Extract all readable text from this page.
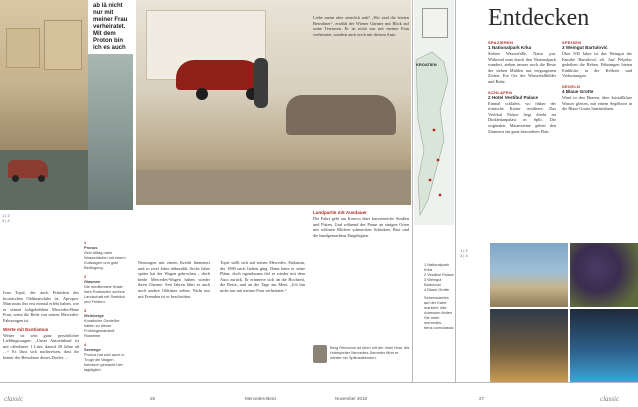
ab lä nicht nur mit meiner Frau verheiratet. Mit dem Proton bin ich es auch
1 | 2
3 | 4

Ivan Topić, der auch Präsident des kroatischen Oldtimerclubs ist. Apropos: Man muss ihn erst einmal erlebt haben, wie er seinen luftgekühlten Mercedes-Benz Frau, wenn die Rede von seinen Mercedes-Fahrzeugen ist.

Werte mit Exotismus

Weiter ist sein ganz persönlicher Lieblingswagen: „Unser Autoeinkauf ist mit offenbarer 1 Liter, darauf 20 Jahre alt …“ Es lässt sich nachweisen, dass ihr keiner der Bewohner dieses Dorfes …

1
Prunus
Sein Alltag nahe Wasserläufen mit einem Kultwagen und gute Bedingung.
2
Glasmen
Die mediterrane Küste hebt Postkarten schöne Landschaft mit Seeblick und Feldern.
3
Weinberge
Kroatische Genießer halten zu dieser Frühlingsmahlzeit Rotweine.
4
Seewege
Prunus hat sich auch in Trogir die Wagen heimisch gemacht hier tagtäglich.
Neuwagen mit einem Kredit finanziert und so zwei Jahre abbezahlt. Sechs Jahre später hat der Wagen gebrochen – doch beide Mercedes-Wagen haben wieder ihren Charme. Seit Jahren fährt er auch noch andere Oldtimer selten. Nicht nur mit Fremden ist er bescheiden.
Topić stellt sich auf seinen Mercedes. Einbaum, der 1980 nach Italien ging. Dann hatte er seine Pläne, doch irgendwann fiel er wieder mit dem Auto zurück. Er erinnerte sich an die Hochzeit, die Reise, und an die Tage am Meer. „Ich bin nicht nur mit meiner Frau verheiratet.“

Liebe meint aber ziemlich nah? „Wir sind die letzten Bewohner“, erzählt der Wiener Gärtner mit Blick auf seine Terrassen. Er ist nicht nur mit meiner Frau verheiratet, sondern auch noch mit diesem Auto.

Landpartie mit Ausdauer

Die Fahrt geht am Konvoi über kurvenreiche Straßen und Pisten. Und während der Pause an einigen Orten mit schönen Blicken schmecken Schinken, Brot und die handgemachten Eingelegten.

Berg Removon ist oben mit der Insel Hvar. Als Hobbyreiter Mercedes-Sammler fährt er wieder bei Splitusabenden.
KROATIEN
Entdecken
SPAZIEREN
1 Nationalpark Krka
Sieben Wasserfälle, Natur pur. Während man durch den Nationalpark wandert, stehen immer noch die Reste der sieben Mühlen aus vergangenen Zeiten. Ein Ort der Wasserfallbilder und Ruhe.
SCHLAFEN
2 Hotel Vestibul Palace
Einmal schlafen, wo früher der römische Kaiser residierte. Das Vestibul Palace liegt direkt im Diokletianpalast in Split. Die originalen Mauersteine gehen den Zimmern ein ganz besonderes Flair.
SPEISEN
3 Weingut Bartulović
Über 500 Jahre ist das Weingut der Familie Bartulović alt. Auf Pelješac gedeihen die Reben. Führungen bieten Einblicke in die Kellerei und Verkostungen.
SEGELN
4 Blaue Grotte
Wind in den Haaren, über kristallklare Wasser gleiten, mit einem Segelboot in die Blaue Grotte hineinfahren.
1 Nationalpark Krka
2 Vestibul Palace
3 Weingut Bartulović
4 Blaue Grotte
Sehenswertes auf der Karte markiert. Alle Adressen finden Sie unter mercedes-benz.com/classic
1 | 2
3 | 4
classic	26	Mercedes-Benz	November 2018	27	classic
